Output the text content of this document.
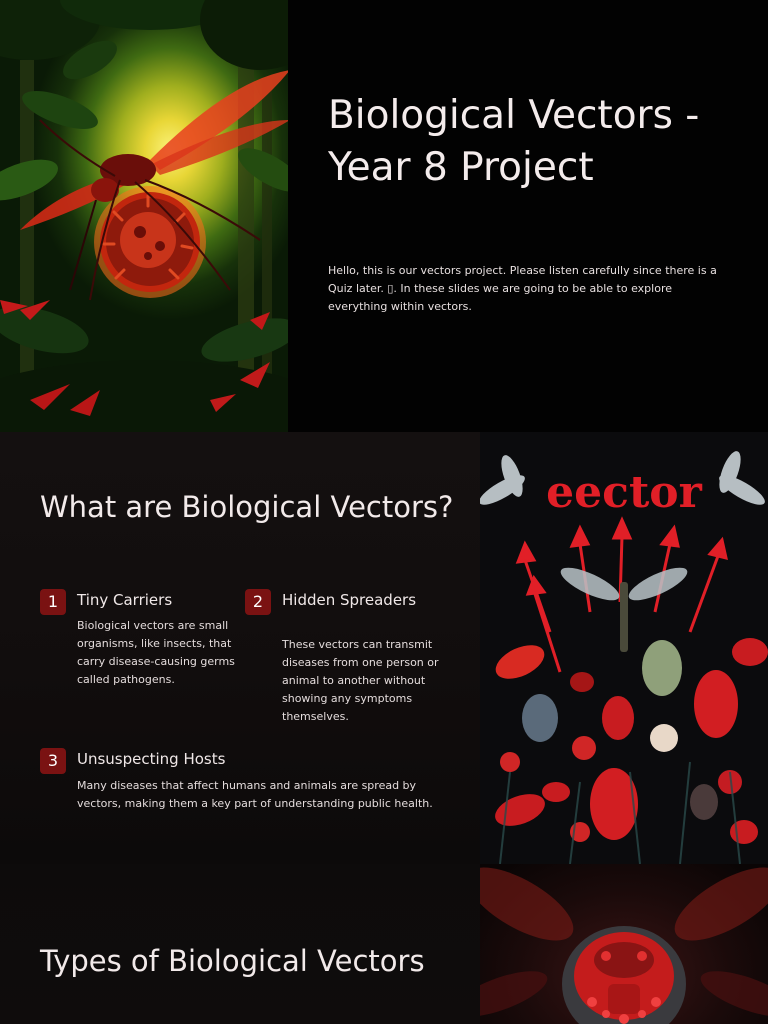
Biological Vectors - Year 8 Project

Hello, this is our vectors project. Please listen carefully since there is a Quiz later. ▯. In these slides we are going to be able to explore everything within vectors.

What are Biological Vectors?
1	Tiny Carriers

Biological vectors are small organisms, like insects, that carry disease-causing germs called pathogens.

2	Hidden Spreaders

These vectors can transmit diseases from one person or animal to another without showing any symptoms themselves.

3	Unsuspecting Hosts

Many diseases that affect humans and animals are spread by vectors, making them a key part of understanding public health.

eector
Types of Biological Vectors
